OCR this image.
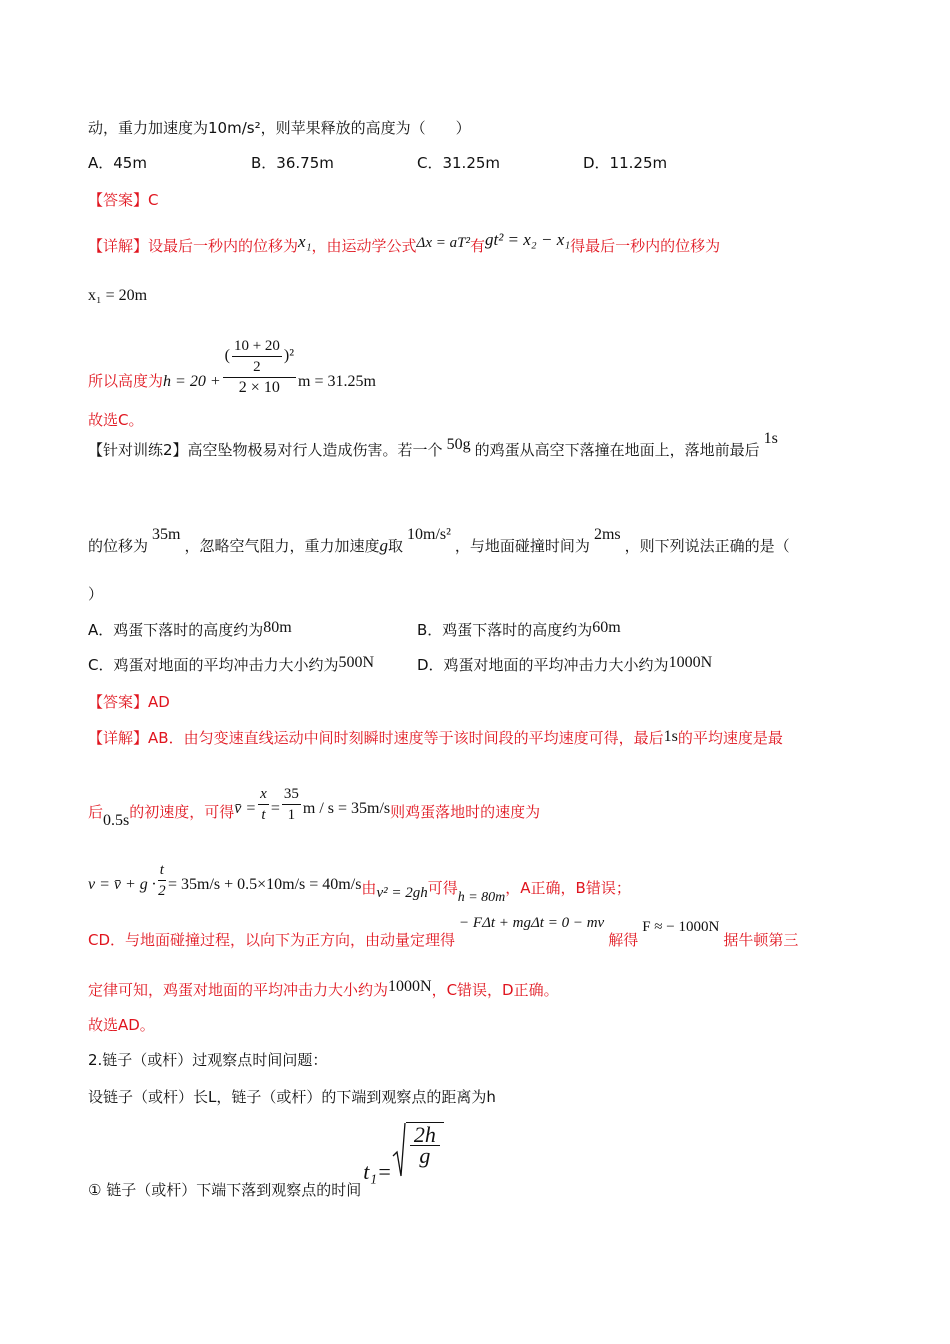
动，重力加速度为10m/s²，则苹果释放的高度为（　　）
A．45m	B．36.75m	C．31.25m	D．11.25m
【答案】C
【详解】设最后一秒内的位移为x₁，由运动学公式Δx = aT²有gt² = x₂ − x₁得最后一秒内的位移为
x₁ = 20m
所以高度为$h = 20 + \frac{( \frac{10 + 20}{2} )^2}{2 \times 10}$ m = 31.25m
故选C。
【针对训练2】高空坠物极易对行人造成伤害。若一个 50g 的鸡蛋从高空下落撞在地面上，落地前最后1s
的位移为35m，忽略空气阻力，重力加速度g取10m/s²，与地面碰撞时间为2ms，则下列说法正确的是（
）
A．鸡蛋下落时的高度约为80m	B．鸡蛋下落时的高度约为60m
C．鸡蛋对地面的平均冲击力大小约为500N	D．鸡蛋对地面的平均冲击力大小约为1000N
【答案】AD
【详解】AB．由匀变速直线运动中间时刻瞬时速度等于该时间段的平均速度可得，最后1s的平均速度是最
后0.5s的初速度，可得v̄ = $\frac{x}{t} = \frac{35}{1}$ m / s = 35m/s则鸡蛋落地时的速度为
v = v̄ + $g \cdot \frac{t}{2} = 35m/s + 0.5\times 10m/s = 40m/s$由v² = 2gh可得h = 80m，A正确，B错误；
CD．与地面碰撞过程，以向下为正方向，由动量定理得− FΔt + mgΔt = 0 − mv解得F ≈ − 1000N据牛顿第三
定律可知，鸡蛋对地面的平均冲击力大小约为1000N，C错误，D正确。
故选AD。
2.链子（或杆）过观察点时间问题：
设链子（或杆）长L，链子（或杆）的下端到观察点的距离为h
① 链子（或杆）下端下落到观察点的时间t₁=
$\frac{2h}{g}$
